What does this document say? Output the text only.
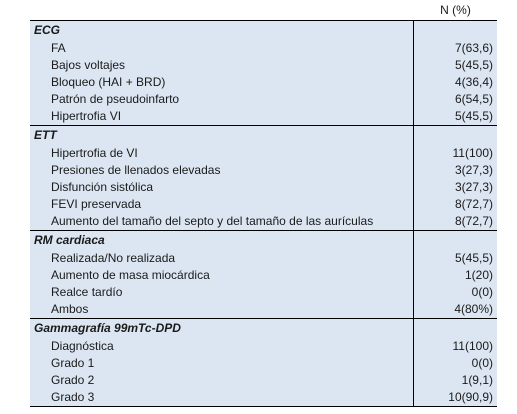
N (%)
ECG
FA	7(63,6)
Bajos voltajes	5(45,5)
Bloqueo (HAI + BRD)	4(36,4)
Patrón de pseudoinfarto	6(54,5)
Hipertrofia VI	5(45,5)
ETT
Hipertrofia de VI	11(100)
Presiones de llenados elevadas	3(27,3)
Disfunción sistólica	3(27,3)
FEVI preservada	8(72,7)
Aumento del tamaño del septo y del tamaño de las aurículas	8(72,7)
RM cardiaca
Realizada/No realizada	5(45,5)
Aumento de masa miocárdica	1(20)
Realce tardío	0(0)
Ambos	4(80%)
Gammagrafía 99mTc-DPD
Diagnóstica	11(100)
Grado 1	0(0)
Grado 2	1(9,1)
Grado 3	10(90,9)
